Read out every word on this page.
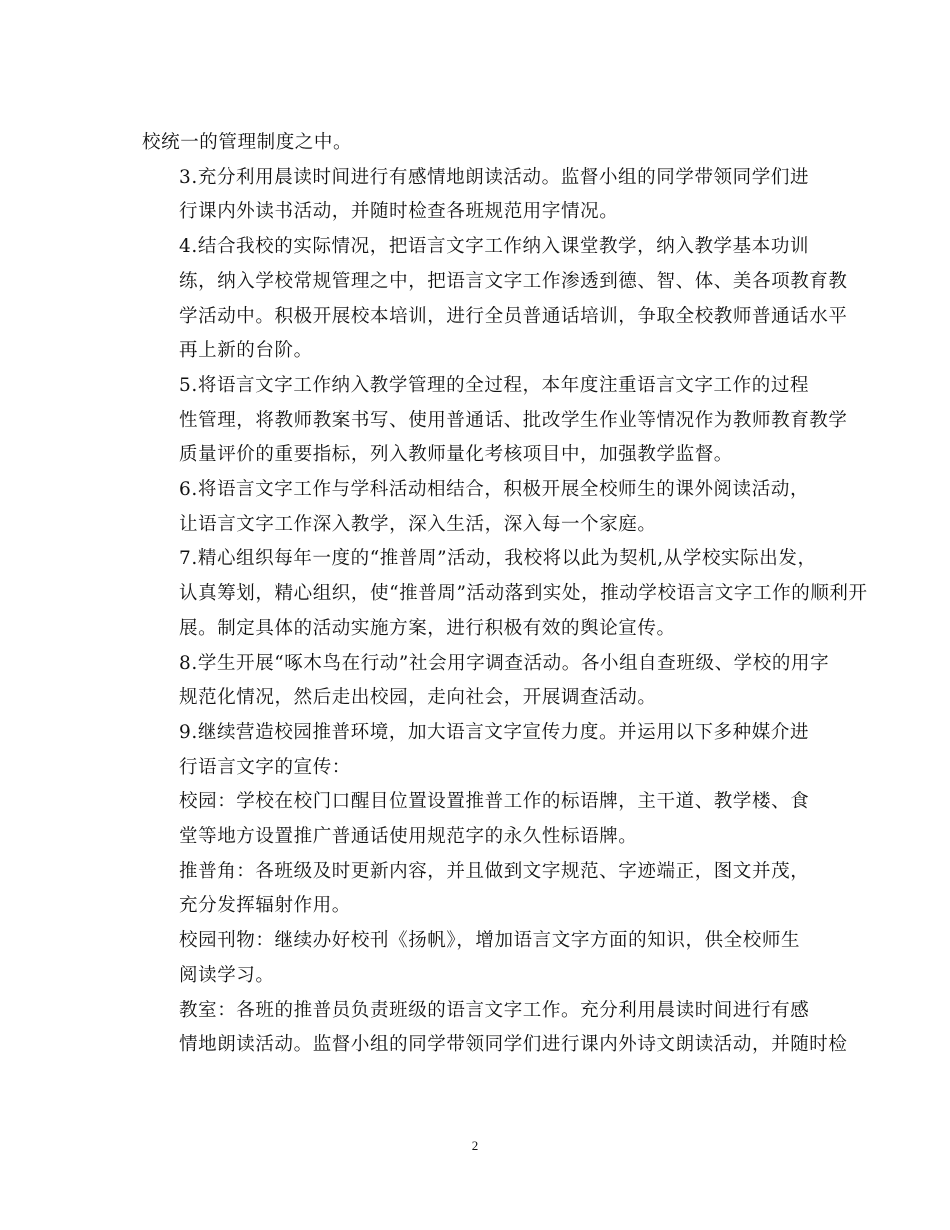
校统一的管理制度之中。

3.充分利用晨读时间进行有感情地朗读活动。监督小组的同学带领同学们进
行课内外读书活动，并随时检查各班规范用字情况。

4.结合我校的实际情况，把语言文字工作纳入课堂教学，纳入教学基本功训
练，纳入学校常规管理之中，把语言文字工作渗透到德、智、体、美各项教育教
学活动中。积极开展校本培训，进行全员普通话培训，争取全校教师普通话水平
再上新的台阶。

5.将语言文字工作纳入教学管理的全过程，本年度注重语言文字工作的过程
性管理，将教师教案书写、使用普通话、批改学生作业等情况作为教师教育教学
质量评价的重要指标，列入教师量化考核项目中，加强教学监督。

6.将语言文字工作与学科活动相结合，积极开展全校师生的课外阅读活动，
让语言文字工作深入教学，深入生活，深入每一个家庭。

7.精心组织每年一度的“推普周”活动，我校将以此为契机,从学校实际出发，
认真筹划，精心组织，使“推普周”活动落到实处，推动学校语言文字工作的顺利开
展。制定具体的活动实施方案，进行积极有效的舆论宣传。

8.学生开展“啄木鸟在行动”社会用字调查活动。各小组自查班级、学校的用字
规范化情况，然后走出校园，走向社会，开展调查活动。

9.继续营造校园推普环境，加大语言文字宣传力度。并运用以下多种媒介进
行语言文字的宣传：

校园：学校在校门口醒目位置设置推普工作的标语牌，主干道、教学楼、食
堂等地方设置推广普通话使用规范字的永久性标语牌。

推普角：各班级及时更新内容，并且做到文字规范、字迹端正，图文并茂，
充分发挥辐射作用。

校园刊物：继续办好校刊《扬帆》，增加语言文字方面的知识，供全校师生
阅读学习。

教室：各班的推普员负责班级的语言文字工作。充分利用晨读时间进行有感
情地朗读活动。监督小组的同学带领同学们进行课内外诗文朗读活动，并随时检

2
